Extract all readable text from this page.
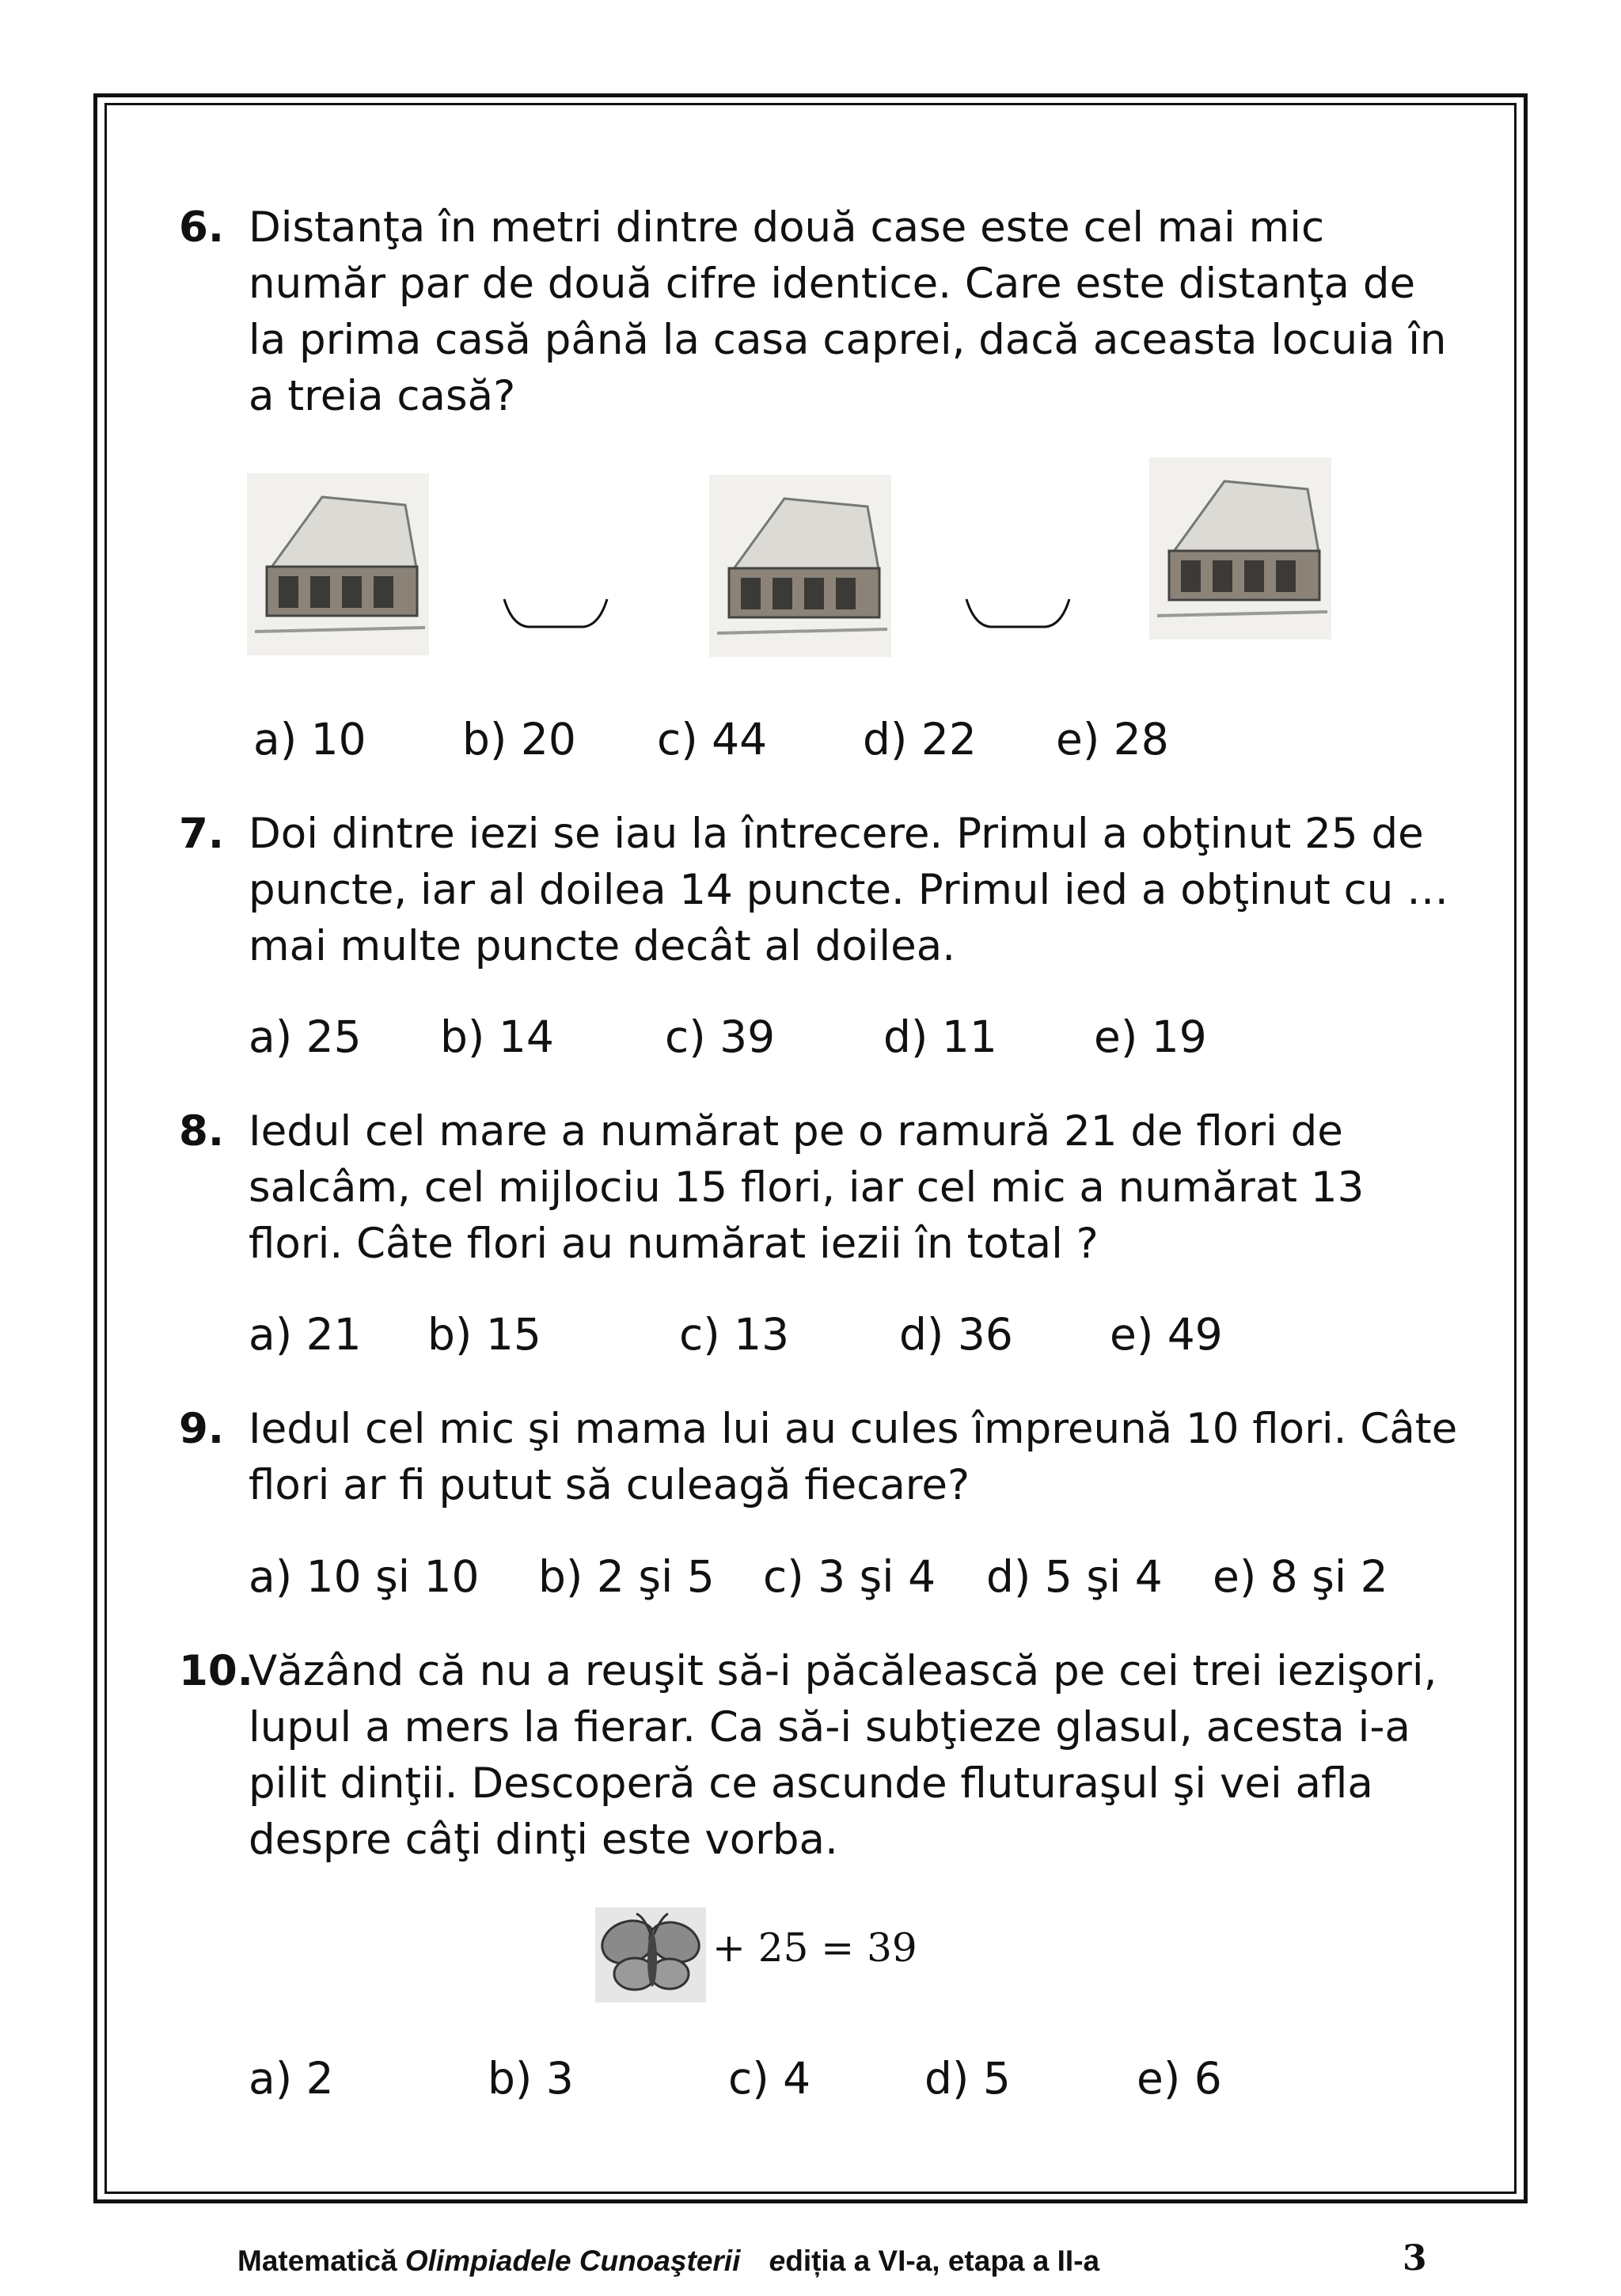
6. Distanţa în metri dintre două case este cel mai mic număr par de două cifre identice. Care este distanţa de la prima casă până la casa caprei, dacă aceasta locuia în a treia casă?
a) 10 b) 20 c) 44 d) 22 e) 28
7. Doi dintre iezi se iau la întrecere. Primul a obţinut 25 de puncte, iar al doilea 14 puncte. Primul ied a obţinut cu … mai multe puncte decât al doilea.
a) 25 b) 14	c) 39 d) 11 e) 19
8. Iedul cel mare a numărat pe o ramură 21 de flori de salcâm, cel mijlociu 15 flori, iar cel mic a numărat 13 flori. Câte flori au numărat iezii în total ?
a) 21 b) 15	c) 13	d) 36 e) 49
9. Iedul cel mic şi mama lui au cules împreună 10 flori. Câte flori ar fi putut să culeagă fiecare?
a) 10 şi 10 b) 2 şi 5 c) 3 şi 4 d) 5 şi 4 e) 8 şi 2
10.
Văzând că nu a reuşit să-i păcălească pe cei trei iezişori, lupul a mers la fierar. Ca să-i subţieze glasul, acesta i-a pilit dinţii. Descoperă ce ascunde fluturaşul şi vei afla despre câţi dinţi este vorba.
+ 25 = 39
a) 2	b) 3	c) 4	d) 5	e) 6
Matematică Olimpiadele Cunoaşterii ediția a VI-a, etapa a II-a	3
